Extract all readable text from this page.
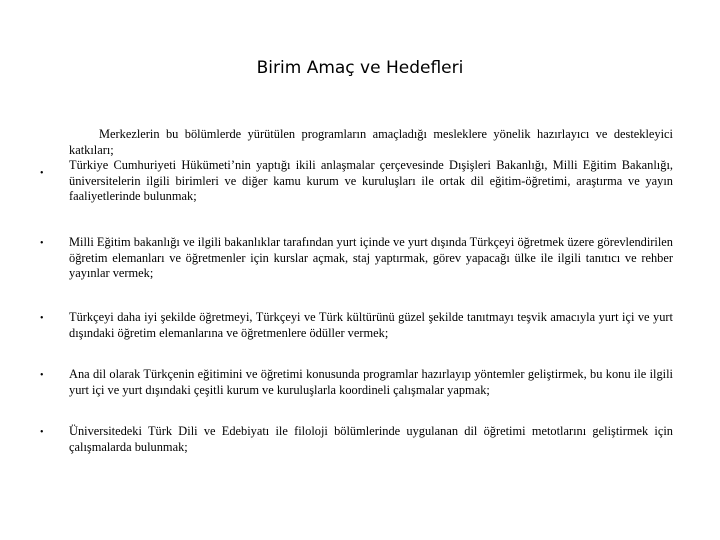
Birim Amaç ve Hedefleri

Merkezlerin bu bölümlerde yürütülen programların amaçladığı mesleklere yönelik hazırlayıcı ve destekleyici katkıları;

•

Türkiye Cumhuriyeti Hükümeti’nin yaptığı ikili anlaşmalar çerçevesinde Dışişleri Bakanlığı, Milli Eğitim Bakanlığı, üniversitelerin ilgili birimleri ve diğer kamu kurum ve kuruluşları ile ortak dil eğitim-öğretimi, araştırma ve yayın faaliyetlerinde bulunmak;

• Milli Eğitim bakanlığı ve ilgili bakanlıklar tarafından yurt içinde ve yurt dışında Türkçeyi öğretmek üzere görevlendirilen öğretim elemanları ve öğretmenler için kurslar açmak, staj yaptırmak, görev yapacağı ülke ile ilgili tanıtıcı ve rehber yayınlar vermek;

• Türkçeyi daha iyi şekilde öğretmeyi, Türkçeyi ve Türk kültürünü güzel şekilde tanıtmayı teşvik amacıyla yurt içi ve yurt dışındaki öğretim elemanlarına ve öğretmenlere ödüller vermek;

• Ana dil olarak Türkçenin eğitimini ve öğretimi konusunda programlar hazırlayıp yöntemler geliştirmek, bu konu ile ilgili yurt içi ve yurt dışındaki çeşitli kurum ve kuruluşlarla koordineli çalışmalar yapmak;

• Üniversitedeki Türk Dili ve Edebiyatı ile filoloji bölümlerinde uygulanan dil öğretimi metotlarını geliştirmek için çalışmalarda bulunmak;
